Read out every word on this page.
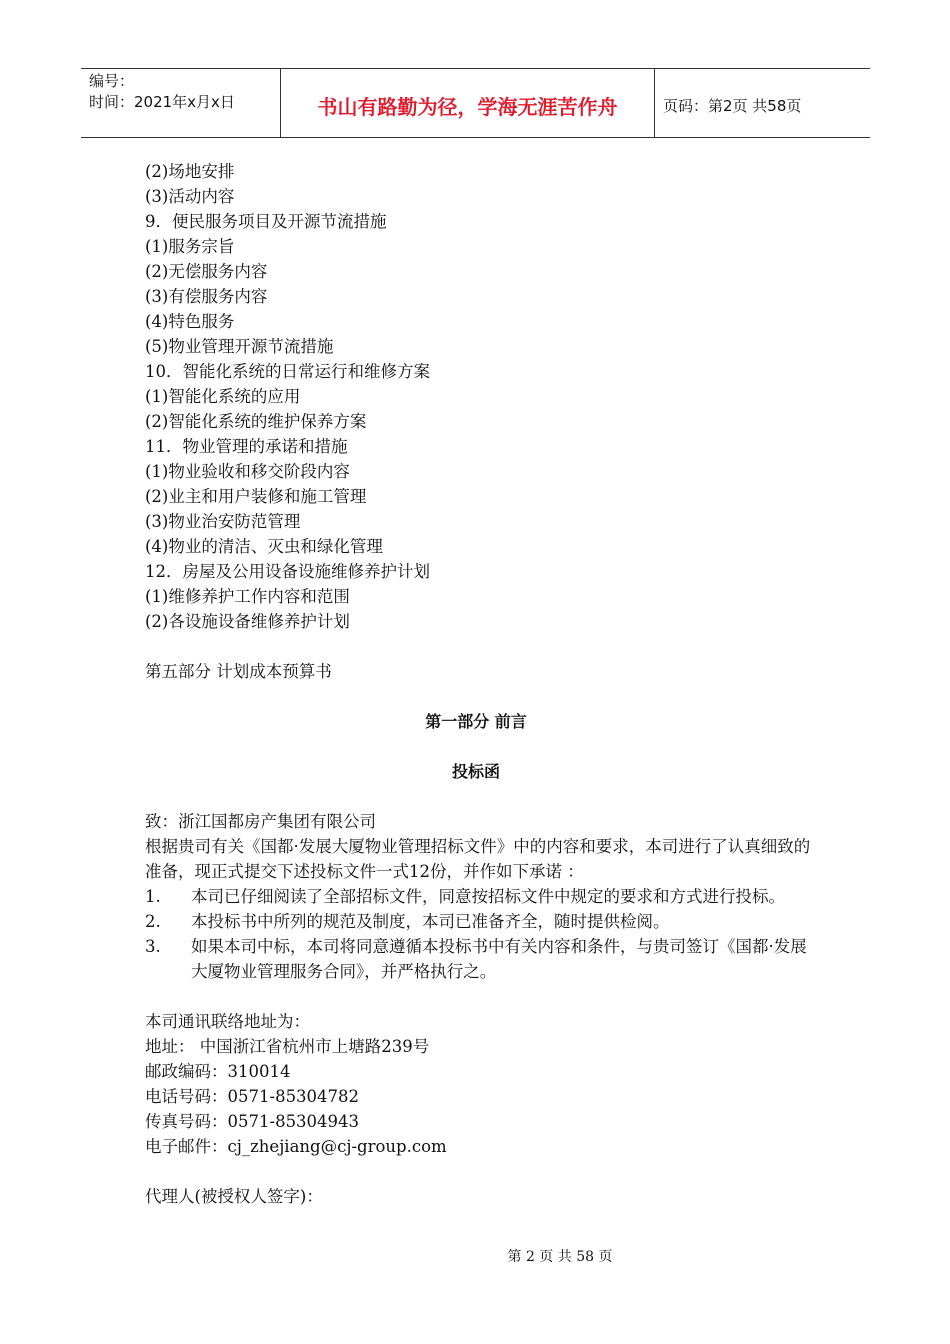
编号：
时间：2021年x月x日	书山有路勤为径，学海无涯苦作舟	页码：第2页 共58页
(2)场地安排
(3)活动内容
9．便民服务项目及开源节流措施
(1)服务宗旨
(2)无偿服务内容
(3)有偿服务内容
(4)特色服务
(5)物业管理开源节流措施
10．智能化系统的日常运行和维修方案
(1)智能化系统的应用
(2)智能化系统的维护保养方案
11．物业管理的承诺和措施
(1)物业验收和移交阶段内容
(2)业主和用户装修和施工管理
(3)物业治安防范管理
(4)物业的清洁、灭虫和绿化管理
12．房屋及公用设备设施维修养护计划
(1)维修养护工作内容和范围
(2)各设施设备维修养护计划
第五部分 计划成本预算书
第一部分 前言
投标函
致：浙江国都房产集团有限公司
根据贵司有关《国都·发展大厦物业管理招标文件》中的内容和要求，本司进行了认真细致的准备，现正式提交下述投标文件一式12份，并作如下承诺 ：
1.	本司已仔细阅读了全部招标文件，同意按招标文件中规定的要求和方式进行投标。
2.	本投标书中所列的规范及制度，本司已准备齐全，随时提供检阅。
3.	如果本司中标，本司将同意遵循本投标书中有关内容和条件，与贵司签订《国都·发展大厦物业管理服务合同》，并严格执行之。
本司通讯联络地址为：
地址： 中国浙江省杭州市上塘路239号
邮政编码：310014
电话号码：0571-85304782
传真号码：0571-85304943
电子邮件：cj_zhejiang@cj-group.com
代理人(被授权人签字)：
第 2 页 共 58 页
